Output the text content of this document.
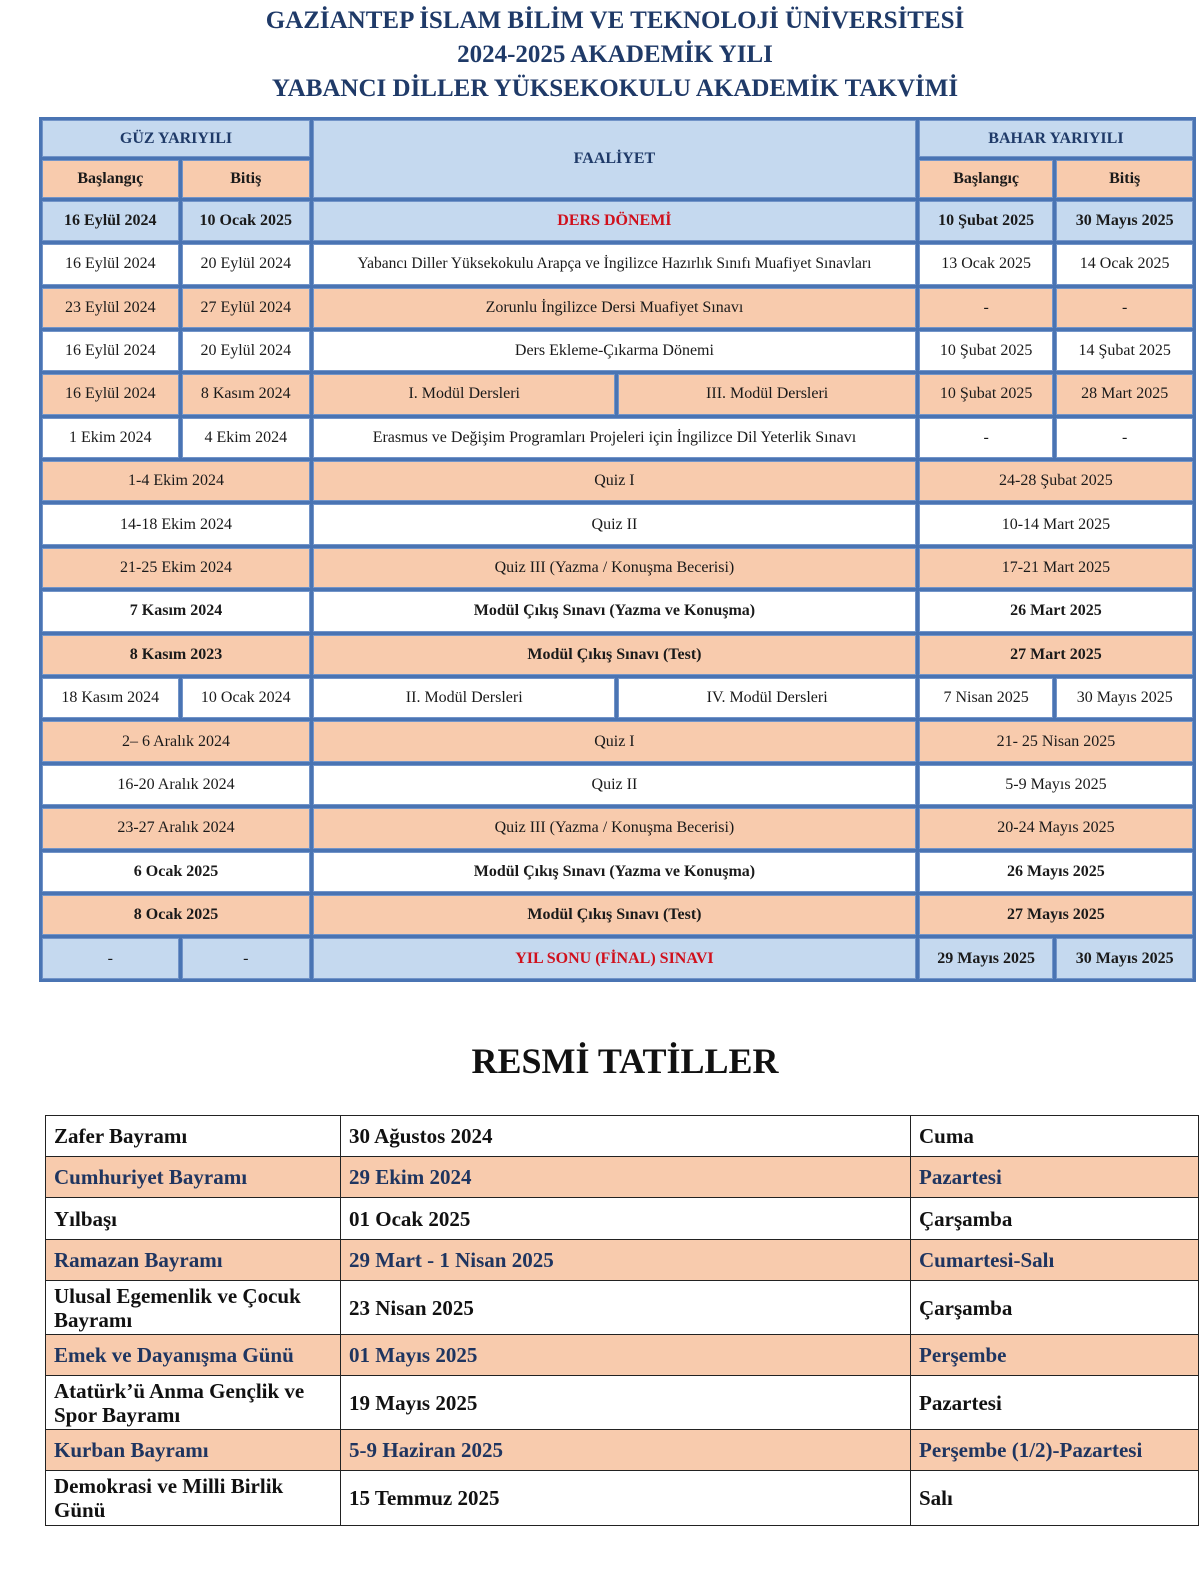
GAZİANTEP İSLAM BİLİM VE TEKNOLOJİ ÜNİVERSİTESİ
2024-2025 AKADEMİK YILI
YABANCI DİLLER YÜKSEKOKULU AKADEMİK TAKVİMİ
GÜZ YARIYILI		FAALİYET		BAHAR YARIYILI	
Başlangıç	Bitiş			Başlangıç	Bitiş
16 Eylül 2024	10 Ocak 2025	DERS DÖNEMİ		10 Şubat 2025	30 Mayıs 2025
16 Eylül 2024	20 Eylül 2024	Yabancı Diller Yüksekokulu Arapça ve İngilizce Hazırlık Sınıfı Muafiyet Sınavları		13 Ocak 2025	14 Ocak 2025
23 Eylül 2024	27 Eylül 2024	Zorunlu İngilizce Dersi Muafiyet Sınavı		-	-
16 Eylül 2024	20 Eylül 2024	Ders Ekleme-Çıkarma Dönemi		10 Şubat 2025	14 Şubat 2025
16 Eylül 2024	8 Kasım 2024	I. Modül Dersleri	III. Modül Dersleri	10 Şubat 2025	28 Mart 2025
1 Ekim 2024	4 Ekim 2024	Erasmus ve Değişim Programları Projeleri için İngilizce Dil Yeterlik Sınavı		-	-
1-4 Ekim 2024		Quiz I		24-28 Şubat 2025	
14-18 Ekim 2024		Quiz II		10-14 Mart 2025	
21-25 Ekim 2024		Quiz III (Yazma / Konuşma Becerisi)		17-21 Mart 2025	
7 Kasım 2024		Modül Çıkış Sınavı (Yazma ve Konuşma)		26 Mart 2025	
8 Kasım 2023		Modül Çıkış Sınavı (Test)		27 Mart 2025	
18 Kasım 2024	10 Ocak 2024	II. Modül Dersleri	IV. Modül Dersleri	7 Nisan 2025	30 Mayıs 2025
2– 6 Aralık 2024		Quiz I		21- 25 Nisan 2025	
16-20 Aralık 2024		Quiz II		5-9 Mayıs 2025	
23-27 Aralık 2024		Quiz III (Yazma / Konuşma Becerisi)		20-24 Mayıs 2025	
6 Ocak 2025		Modül Çıkış Sınavı (Yazma ve Konuşma)		26 Mayıs 2025	
8 Ocak 2025		Modül Çıkış Sınavı (Test)		27 Mayıs 2025	
-	-	YIL SONU (FİNAL) SINAVI		29 Mayıs 2025	30 Mayıs 2025
RESMİ TATİLLER
Zafer Bayramı	30 Ağustos 2024	Cuma
Cumhuriyet Bayramı	29 Ekim 2024	Pazartesi
Yılbaşı	01 Ocak 2025	Çarşamba
Ramazan Bayramı	29 Mart - 1 Nisan 2025	Cumartesi-Salı
Ulusal Egemenlik ve Çocuk Bayramı	23 Nisan 2025	Çarşamba
Emek ve Dayanışma Günü	01 Mayıs 2025	Perşembe
Atatürk’ü Anma Gençlik ve Spor Bayramı	19 Mayıs 2025	Pazartesi
Kurban Bayramı	5-9 Haziran 2025	Perşembe (1/2)-Pazartesi
Demokrasi ve Milli Birlik Günü	15 Temmuz 2025	Salı
